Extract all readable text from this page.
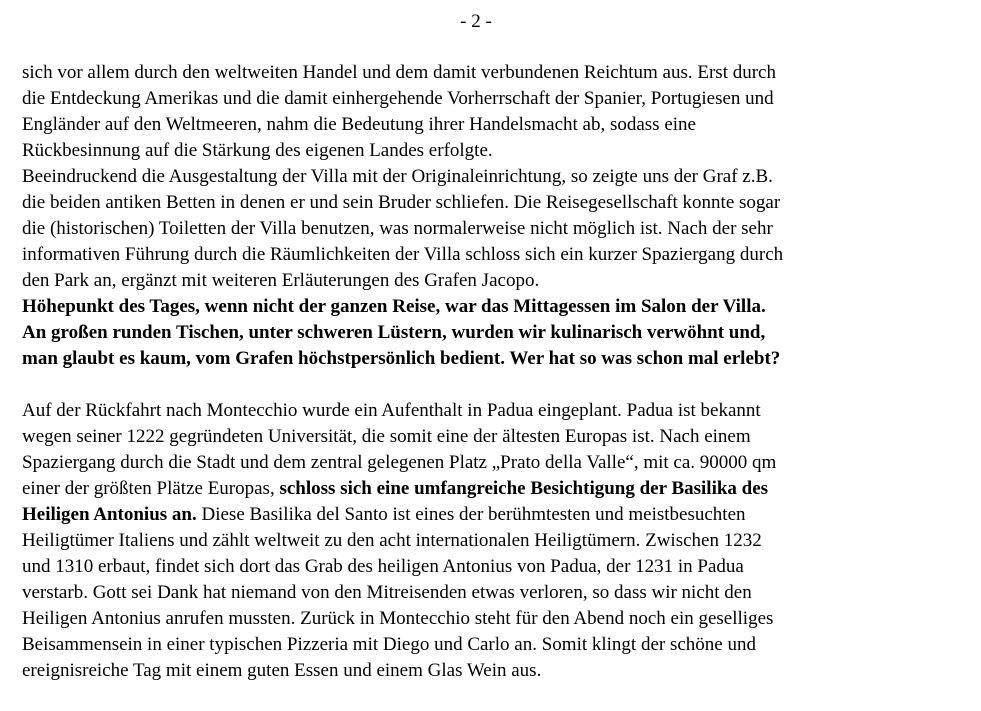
- 2 -
sich vor allem durch den weltweiten Handel und dem damit verbundenen Reichtum aus. Erst durch
die Entdeckung Amerikas und die damit einhergehende Vorherrschaft der Spanier, Portugiesen und
Engländer auf den Weltmeeren, nahm die Bedeutung ihrer Handelsmacht ab, sodass eine
Rückbesinnung auf die Stärkung des eigenen Landes erfolgte.
Beeindruckend die Ausgestaltung der Villa mit der Originaleinrichtung, so zeigte uns der Graf z.B.
die beiden antiken Betten in denen er und sein Bruder schliefen. Die Reisegesellschaft konnte sogar
die (historischen) Toiletten der Villa benutzen, was normalerweise nicht möglich ist. Nach der sehr
informativen Führung durch die Räumlichkeiten der Villa schloss sich ein kurzer Spaziergang durch
den Park an, ergänzt mit weiteren Erläuterungen des Grafen Jacopo.
Höhepunkt des Tages, wenn nicht der ganzen Reise, war das Mittagessen im Salon der Villa.
An großen runden Tischen, unter schweren Lüstern, wurden wir kulinarisch verwöhnt und,
man glaubt es kaum, vom Grafen höchstpersönlich bedient. Wer hat so was schon mal erlebt?
Auf der Rückfahrt nach Montecchio wurde ein Aufenthalt in Padua eingeplant. Padua ist bekannt
wegen seiner 1222 gegründeten Universität, die somit eine der ältesten Europas ist. Nach einem
Spaziergang durch die Stadt und dem zentral gelegenen Platz „Prato della Valle“, mit ca. 90000 qm
einer der größten Plätze Europas, schloss sich eine umfangreiche Besichtigung der Basilika des
Heiligen Antonius an. Diese Basilika del Santo ist eines der berühmtesten und meistbesuchten
Heiligtümer Italiens und zählt weltweit zu den acht internationalen Heiligtümern. Zwischen 1232
und 1310 erbaut, findet sich dort das Grab des heiligen Antonius von Padua, der 1231 in Padua
verstarb. Gott sei Dank hat niemand von den Mitreisenden etwas verloren, so dass wir nicht den
Heiligen Antonius anrufen mussten. Zurück in Montecchio steht für den Abend noch ein geselliges
Beisammensein in einer typischen Pizzeria mit Diego und Carlo an. Somit klingt der schöne und
ereignisreiche Tag mit einem guten Essen und einem Glas Wein aus.
